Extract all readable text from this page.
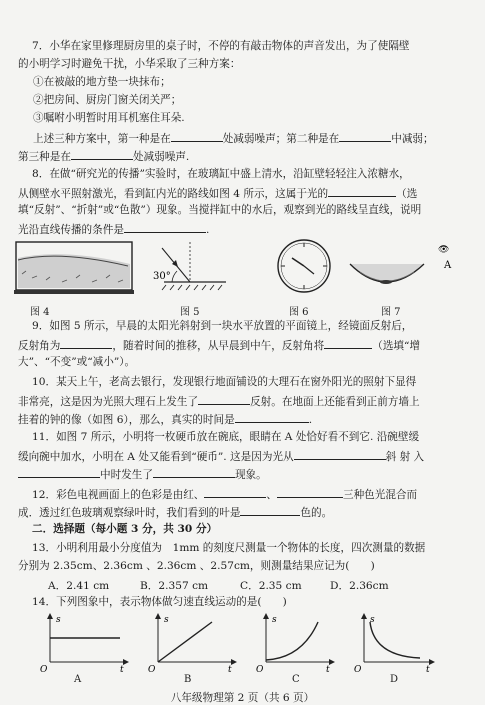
7．小华在家里修理厨房里的桌子时，不停的有敲击物体的声音发出，为了使隔壁
的小明学习时避免干扰，小华采取了三种方案：
①在被敲的地方垫一块抹布；
②把房间、厨房门窗关闭关严；
③嘱咐小明暂时用耳机塞住耳朵.
上述三种方案中，第一种是在	处减弱噪声；第二种是在	中减弱；
第三种是在	处减弱噪声.
8．在做“研究光的传播”实验时，在玻璃缸中盛上清水，沿缸壁轻轻注入浓糖水，
从侧壁水平照射激光，看到缸内光的路线如图 4 所示，这属于光的	（选
填“反射”、“折射”或“色散”）现象。当搅拌缸中的水后，观察到光的路线呈直线，说明
光沿直线传播的条件是	.
30°
👁
A
图 4	图 5	图 6	图 7
9．如图 5 所示，早晨的太阳光斜射到一块水平放置的平面镜上，经镜面反射后，
反射角为	，随着时间的推移，从早晨到中午，反射角将	（选填“增
大”、“不变”或“减小”）。
10．某天上午，老高去银行，发现银行地面铺设的大理石在窗外阳光的照射下显得
非常亮，这是因为光照大理石上发生了	反射。在地面上还能看到正前方墙上
挂着的钟的像（如图 6），那么，真实的时间是	.
11．如图 7 所示，小明将一枚硬币放在碗底，眼睛在 A 处恰好看不到它. 沿碗壁缓
缓向碗中加水，小明在 A 处又能看到“硬币”. 这是因为光从	斜 射 入
中时发生了	现象。
12．彩色电视画面上的色彩是由红、	、	三种色光混合而
成．透过红色玻璃观察绿叶时，我们看到的叶是	色的。
二．选择题（每小题 3 分，共 30 分）
13．小明利用最小分度值为　1mm 的刻度尺测量一个物体的长度，四次测量的数据
分别为 2.35cm、2.36cm 、2.36cm 、2.57cm，则测量结果应记为(　　)
A．2.41 cm	B．2.357 cm	C．2.35 cm	D．2.36cm
14．下列图象中，表示物体做匀速直线运动的是(　　)
s
t
O
s
t
O
s
t
O
s
t
O
A	B	C	D
八年级物理第 2 页（共 6 页）
